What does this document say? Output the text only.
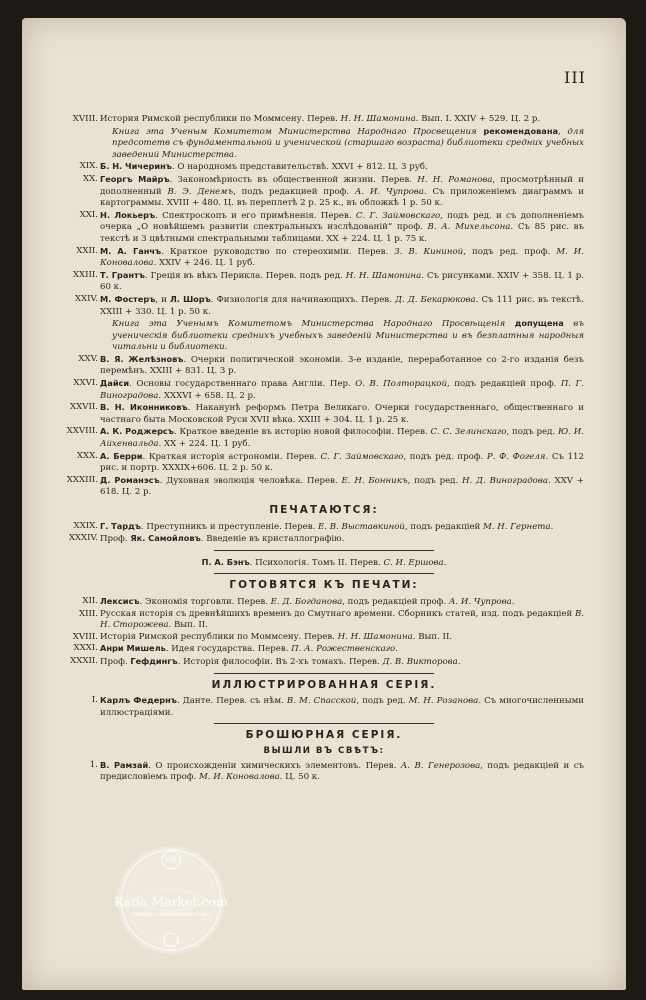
III
XVIII. История Римской республики по Моммсену. Перев. Н. Н. Шамонина. Вып. I. XXIV + 529. Ц. 2 р.
Книга эта Ученым Комитетом Министерства Народнаго Просвещения рекомендована, для предсотетв съ фундаментальной и ученической (старшаго возраста) библиотеки средних учебных заведений Министерства.
XIX. Б. Н. Чичеринъ. О народномъ представительствѣ. XXVI + 812. Ц. 3 руб.
XX. Георгъ Майръ. Закономѣрность въ общественной жизни. Перев. Н. Н. Романова, просмотрѣнный и дополненный В. Э. Денемъ, подъ редакцией проф. А. И. Чупрова. Съ приложенiемъ диаграммъ и картограммы. XVIII + 480. Ц. въ переплетѣ 2 р. 25 к., въ обложкѣ 1 р. 50 к.
XXI. Н. Локьеръ. Спектроскопъ и его примѣненiя. Перев. С. Г. Займовскаго, подъ ред. и съ дополненiемъ очерка „О новѣйшемъ развитiи спектральныхъ изслѣдованiй“ проф. В. А. Михельсона. Съ 85 рис. въ текстѣ и 3 цвѣтными спектральными таблицами. XX + 224. Ц. 1 р. 75 к.
XXII. М. А. Ганчъ. Краткое руководство по стереохимiи. Перев. З. В. Кининой, подъ ред. проф. М. И. Коновалова. XXIV + 246. Ц. 1 руб.
XXIII. Т. Грантъ. Грецiя въ вѣкъ Перикла. Перев. подъ ред. Н. Н. Шамонина. Съ рисунками. XXIV + 358. Ц. 1 р. 60 к.
XXIV. М. Фостеръ, и Л. Шоръ. Физиологiя для начинающихъ. Перев. Д. Д. Бекарюкова. Съ 111 рис. въ текстѣ. XXIII + 330. Ц. 1 р. 50 к.
Книга эта Ученымъ Комитетомъ Министерства Народнаго Просвѣщенiя допущена въ ученическiя библиотеки среднихъ учебныхъ заведенiй Министерства и въ безплатныя народныя читальни и библиотеки.
XXV. В. Я. Желѣзновъ. Очерки политической экономiи. 3-е изданiе, переработанное со 2-го изданiя безъ перемѣнъ. XXIII + 831. Ц. 3 р.
XXVI. Дайси. Основы государственнаго права Англiи. Пер. О. В. Полторацкой, подъ редакцiей проф. П. Г. Виноградова. XXXVI + 658. Ц. 2 р.
XXVII. В. Н. Иконниковъ. Наканунѣ реформъ Петра Великаго. Очерки государственнаго, общественнаго и частнаго быта Московской Руси XVII вѣка. XXIII + 304. Ц. 1 р. 25 к.
XXVIII. А. К. Роджерсъ. Краткое введенiе въ исторiю новой философiи. Перев. С. С. Зелинскаго, подъ ред. Ю. И. Айхенвальда. XX + 224. Ц. 1 руб.
XXX. А. Берри. Краткая исторiя астрономiи. Перев. С. Г. Займовскаго, подъ ред. проф. Р. Ф. Фогеля. Съ 112 рис. и портр. XXXIX+606. Ц. 2 р. 50 к.
XXXIII. Д. Романэсъ. Духовная эволюцiя человѣка. Перев. Е. Н. Бонникъ, подъ ред. Н. Д. Виноградова. XXV + 618. Ц. 2 р.
ПЕЧАТАЮТСЯ:
XXIX. Г. Тардъ. Преступникъ и преступленiе. Перев. Е. В. Выставкиной, подъ редакцiей М. Н. Гернета.
XXXIV. Проф. Як. Самойловъ. Введенiе въ кристаллографiю.
П. А. Бэнъ. Психологiя. Томъ II. Перев. С. И. Ершова.
ГОТОВЯТСЯ КЪ ПЕЧАТИ:
XII. Лексисъ. Экономiя торговли. Перев. Е. Д. Богданова, подъ редакцiей проф. А. И. Чупрова.
XIII. Русская исторiя съ древнѣйшихъ временъ до Смутнаго времени. Сборникъ статей, изд. подъ редакцiей В. Н. Сторожева. Вып. II.
XVIII. Исторiя Римской республики по Моммсену. Перев. Н. Н. Шамонина. Вып. II.
XXXI. Анри Мишель. Идея государства. Перев. П. А. Рожественскаго.
XXXII. Проф. Гефдингъ. Исторiя философiи. Въ 2-хъ томахъ. Перев. Д. В. Викторова.
ИЛЛЮСТРИРОВАННАЯ СЕРIЯ.
I. Карлъ Федернъ. Данте. Перев. съ нѣм. В. М. Спасской, подъ ред. М. Н. Розанова. Съ многочисленными иллюстрацiями.
БРОШЮРНАЯ СЕРIЯ.
ВЫШЛИ ВЪ СВѢТЪ:
1. В. Рамзай. О происхожденiи химическихъ элементовъ. Перев. А. В. Генерозова, подъ редакцiей и съ предисловiемъ проф. М. И. Коновалова. Ц. 50 к.
KM
Katia Market.com
КНИЖНЫЙ АНТИКВАРНЫЙ МАГАЗИН
